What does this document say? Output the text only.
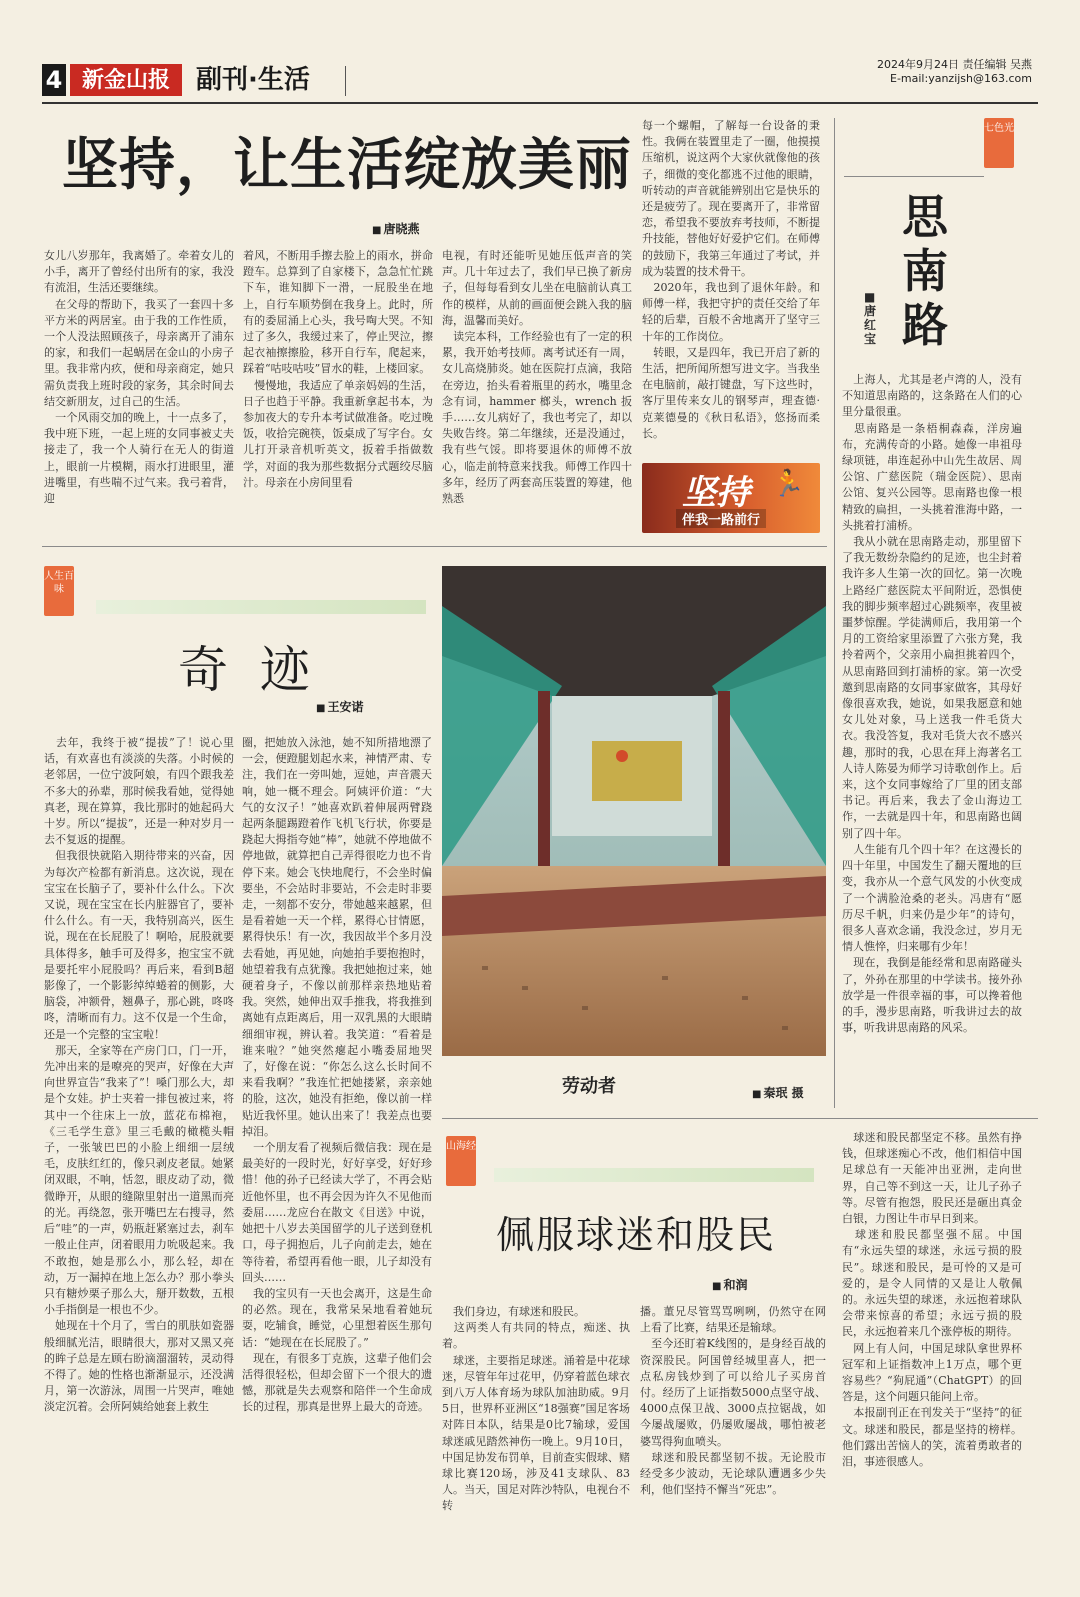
4 新金山报	副刊·生活
2024年9月24日 责任编辑 吴燕
E-mail:yanzijsh@163.com
坚持，让生活绽放美丽
■ 唐晓燕
女儿八岁那年，我离婚了。牵着女儿的小手，离开了曾经付出所有的家，我没有流泪，生活还要继续。
　在父母的帮助下，我买了一套四十多平方米的两居室。由于我的工作性质，一个人没法照顾孩子，母亲离开了浦东的家，和我们一起蜗居在金山的小房子里。我非常内疚，便和母亲商定，她只需负责我上班时段的家务，其余时间去结交新朋友，过自己的生活。
　一个风雨交加的晚上，十一点多了，我中班下班，一起上班的女同事被丈夫接走了，我一个人骑行在无人的街道上，眼前一片模糊，雨水打进眼里，灌进嘴里，有些喘不过气来。我弓着背，迎
着风，不断用手擦去脸上的雨水，拼命蹬车。总算到了自家楼下，急急忙忙跳下车，谁知脚下一滑，一屁股坐在地上，自行车顺势倒在我身上。此时，所有的委屈涌上心头，我号啕大哭。不知过了多久，我缓过来了，停止哭泣，擦起衣袖擦擦脸，移开自行车，爬起来，踩着“咕吱咕吱”冒水的鞋，上楼回家。
　慢慢地，我适应了单亲妈妈的生活，日子也趋于平静。我重新拿起书本，为参加夜大的专升本考试做准备。吃过晚饭，收拾完碗筷，饭桌成了写字台。女儿打开录音机听英文，扳着手指做数学，对面的我为那些数据分式题绞尽脑汁。母亲在小房间里看
电视，有时还能听见她压低声音的笑声。几十年过去了，我们早已换了新房子，但每每看到女儿坐在电脑前认真工作的模样，从前的画面便会跳入我的脑海，温馨而美好。
　读完本科，工作经验也有了一定的积累，我开始考技师。离考试还有一周，女儿高烧肺炎。她在医院打点滴，我陪在旁边，抬头看着瓶里的药水，嘴里念念有词，hammer 榔头，wrench 扳手……女儿病好了，我也考完了，却以失败告终。第二年继续，还是没通过，我有些气馁。即将要退休的师傅不放心，临走前特意来找我。师傅工作四十多年，经历了两套高压装置的筹建，他熟悉
每一个螺帽，了解每一台设备的秉性。我俩在装置里走了一圈，他摸摸压缩机，说这两个大家伙就像他的孩子，细微的变化都逃不过他的眼睛，听转动的声音就能辨别出它是快乐的还是疲劳了。现在要离开了，非常留恋，希望我不要放弃考技师，不断提升技能，替他好好爱护它们。在师傅的鼓励下，我第三年通过了考试，并成为装置的技术骨干。
　2020年，我也到了退休年龄。和师傅一样，我把守护的责任交给了年轻的后辈，百般不舍地离开了坚守三十年的工作岗位。
　转眼，又是四年，我已开启了新的生活，把所闻所想写进文字。当我坐在电脑前，敲打键盘，写下这些时，客厅里传来女儿的钢琴声，理查德·克莱德曼的《秋日私语》，悠扬而柔长。
坚持 🏃
伴我一路前行
七色光
思南路
■
唐红宝
　上海人，尤其是老卢湾的人，没有不知道思南路的，这条路在人们的心里分量很重。
　思南路是一条梧桐森森，洋房遍布，充满传奇的小路。她像一串祖母绿项链，串连起孙中山先生故居、周公馆、广慈医院（瑞金医院）、思南公馆、复兴公园等。思南路也像一根精致的扁担，一头挑着淮海中路，一头挑着打浦桥。
　我从小就在思南路走动，那里留下了我无数纷杂隐约的足迹，也尘封着我许多人生第一次的回忆。第一次晚上路经广慈医院太平间附近，恐惧使我的脚步频率超过心跳频率，夜里被噩梦惊醒。学徒满师后，我用第一个月的工资给家里添置了六张方凳，我拎着两个，父亲用小扁担挑着四个，从思南路回到打浦桥的家。第一次受邀到思南路的女同事家做客，其母好像很喜欢我，她说，如果我愿意和她女儿处对象，马上送我一件毛货大衣。我没答复，我对毛货大衣不感兴趣，那时的我，心思在拜上海著名工人诗人陈晏为师学习诗歌创作上。后来，这个女同事嫁给了厂里的团支部书记。再后来，我去了金山海边工作，一去就是四十年，和思南路也阔别了四十年。
　人生能有几个四十年？在这漫长的四十年里，中国发生了翻天覆地的巨变，我亦从一个意气风发的小伙变成了一个满脸沧桑的老头。冯唐有“愿历尽千帆，归来仍是少年”的诗句，很多人喜欢念诵，我没念过，岁月无情人憔悴，归来哪有少年！
　现在，我倒是能经常和思南路碰头了，外孙在那里的中学读书。接外孙放学是一件很幸福的事，可以搀着他的手，漫步思南路，听我讲过去的故事，听我讲思南路的风采。
人生百味
奇 迹
■ 王安诺
　去年，我终于被“提拔”了！说心里话，有欢喜也有淡淡的失落。小时候的老邻居，一位宁波阿娘，有四个跟我差不多大的孙辈，那时候我看她，觉得她真老，现在算算，我比那时的她起码大十岁。所以“提拔”，还是一种对岁月一去不复返的提醒。
　但我很快就陷入期待带来的兴奋，因为每次产检都有新消息。这次说，现在宝宝在长脑子了，要补什么什么。下次又说，现在宝宝在长内脏器官了，要补什么什么。有一天，我特别高兴，医生说，现在在长屁股了！啊哈，屁股就要具体得多，触手可及得多，抱宝宝不就是要托牢小屁股吗？再后来，看到B超影像了，一个影影绰绰蜷着的侧影，大脑袋，冲额骨，翘鼻子，那心跳，咚咚咚，清晰而有力。这不仅是一个生命，还是一个完整的宝宝啦！
　那天，全家等在产房门口，门一开，先冲出来的是嘹亮的哭声，好像在大声向世界宣告“我来了”！嗓门那么大，却是个女娃。护士夹着一排包被过来，将其中一个往床上一放，蓝花布棉袍，《三毛学生意》里三毛戴的橄榄头帽子，一张皱巴巴的小脸上细细一层绒毛，皮肤红红的，像只剥皮老鼠。她紧闭双眼，不响，恬忽，眼皮动了动，微微睁开，从眼的缝隙里射出一道黑而亮的光。再绕忽，张开嘴巴左右搜寻，然后“哇”的一声，奶瓶赶紧塞过去，刹车一般止住声，闭着眼用力吮吸起来。我不敢抱，她是那么小，那么轻，却在动，万一漏掉在地上怎么办？那小拳头只有糖炒栗子那么大，掰开数数，五根小手指倒是一根也不少。
　她现在十个月了，雪白的肌肤如瓷器般细腻光洁，眼睛很大，那对又黑又亮的眸子总是左顾右盼滴溜溜转，灵动得不得了。她的性格也渐渐显示，还没满月，第一次游泳，周围一片哭声，唯她淡定沉着。会所阿姨给她套上救生
圈，把她放入泳池，她不知所措地漂了一会，便蹬腿划起水来，神情严肃、专注，我们在一旁叫她，逗她，声音震天响，她一概不理会。阿姨评价道：“大气的女汉子！”她喜欢趴着伸展两臂跷起两条腿踢蹬着作飞机飞行状，你要是跷起大拇指夸她“棒”，她就不停地做不停地做，就算把自己弄得很吃力也不肯停下来。她会飞快地爬行，不会坐时偏要坐，不会站时非要站，不会走时非要走，一刻都不安分，带她越来越累，但是看着她一天一个样，累得心甘情愿，累得快乐！有一次，我因故半个多月没去看她，再见她，向她拍手要抱抱时，她望着我有点犹豫。我把她抱过来，她硬着身子，不像以前那样亲热地贴着我。突然，她伸出双手推我，将我推到离她有点距离后，用一双乳黑的大眼睛细细审视，辨认着。我笑道：“看着是谁来啦？”她突然瘪起小嘴委屈地哭了，好像在说：“你怎么这么长时间不来看我啊？”我连忙把她搂紧，亲亲她的脸，这次，她没有拒绝，像以前一样贴近我怀里。她认出来了！我差点也要掉泪。
　一个朋友看了视频后微信我：现在是最美好的一段时光，好好享受，好好珍惜！他的孙子已经读大学了，不再会贴近他怀里，也不再会因为许久不见他而委屈……龙应台在散文《目送》中说，她把十八岁去美国留学的儿子送到登机口，母子拥抱后，儿子向前走去，她在等待着，希望再看他一眼，儿子却没有回头……
　我的宝贝有一天也会离开，这是生命的必然。现在，我常呆呆地看着她玩耍，吃辅食，睡觉，心里想着医生那句话：“她现在在长屁股了。”
　现在，有很多丁克族，这辈子他们会活得很轻松，但却会留下一个很大的遗憾，那就是失去观察和陪伴一个生命成长的过程，那真是世界上最大的奇迹。
劳动者
■	秦珉 摄
山海经
佩服球迷和股民
■ 和润
　我们身边，有球迷和股民。
　这两类人有共同的特点，痴迷、执着。
　球迷，主要指足球迷。涌着是中花球迷，尽管年年过花甲，仍穿着蓝色球衣到八万人体育场为球队加油助威。9月5日，世界杯亚洲区“18强赛”国足客场对阵日本队，结果是0比7输球，爱国球迷戚见踏然神伤一晚上。9月10日，中国足协发布罚单，目前查实假球、赌球比赛120场，涉及41支球队、83人。当天，国足对阵沙特队，电视台不转
播。董兄尽管骂骂咧咧，仍然守在网上看了比赛，结果还是输球。
　至今还盯着K线图的，是身经百战的资深股民。阿国曾经城里喜人，把一点私房钱炒到了可以给儿子买房首付。经历了上证指数5000点坚守战、4000点保卫战、3000点拉锯战，如今屡战屡败，仍屡败屡战，哪怕被老婆骂得狗血喷头。
　球迷和股民都坚韧不拔。无论股市经受多少波动，无论球队遭遇多少失利，他们坚持不懈当“死忠”。
　球迷和股民都坚定不移。虽然有挣钱，但球迷痴心不改，他们相信中国足球总有一天能冲出亚洲，走向世界，自己等不到这一天，让儿子孙子等。尽管有抱怨，股民还是砸出真金白银，力图让牛市早日到来。
　球迷和股民都坚强不屈。中国有“永远失望的球迷，永远亏损的股民”。球迷和股民，是可怜的又是可爱的，是令人同情的又是让人敬佩的。永远失望的球迷，永远抱着球队会带来惊喜的希望；永远亏损的股民，永远抱着来几个涨停板的期待。
　网上有人问，中国足球队拿世界杯冠军和上证指数冲上1万点，哪个更容易些？“狗屁通”（ChatGPT）的回答是，这个问题只能问上帝。
　本报副刊正在刊发关于“坚持”的征文。球迷和股民，都是坚持的榜样。他们露出苦恼人的笑，流着勇敢者的泪，事迹很感人。
